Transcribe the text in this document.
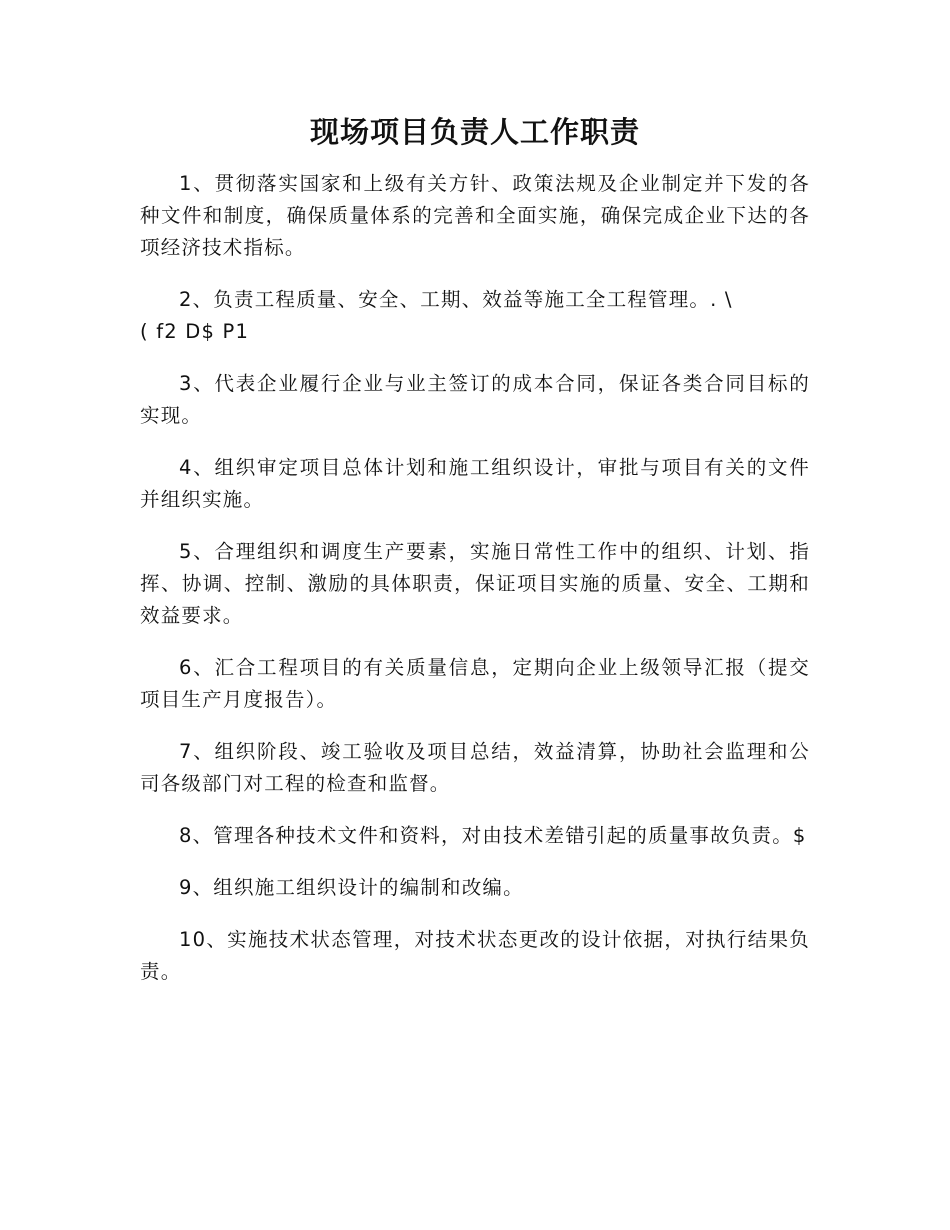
现场项目负责人工作职责

1、贯彻落实国家和上级有关方针、政策法规及企业制定并下发的各种文件和制度，确保质量体系的完善和全面实施，确保完成企业下达的各项经济技术指标。

2、负责工程质量、安全、工期、效益等施工全工程管理。. \

( f2 D$ P1

3、代表企业履行企业与业主签订的成本合同，保证各类合同目标的实现。

4、组织审定项目总体计划和施工组织设计，审批与项目有关的文件并组织实施。

5、合理组织和调度生产要素，实施日常性工作中的组织、计划、指挥、协调、控制、激励的具体职责，保证项目实施的质量、安全、工期和效益要求。

6、汇合工程项目的有关质量信息，定期向企业上级领导汇报（提交项目生产月度报告）。

7、组织阶段、竣工验收及项目总结，效益清算，协助社会监理和公司各级部门对工程的检查和监督。

8、管理各种技术文件和资料，对由技术差错引起的质量事故负责。$

9、组织施工组织设计的编制和改编。

10、实施技术状态管理，对技术状态更改的设计依据，对执行结果负责。
